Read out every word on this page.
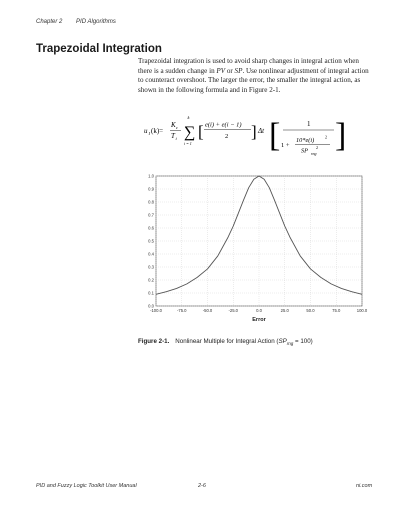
Chapter 2 PID Algorithms
Trapezoidal Integration
Trapezoidal integration is used to avoid sharp changes in integral action when there is a sudden change in PV or SP. Use nonlinear adjustment of integral action to counteract overshoot. The larger the error, the smaller the integral action, as shown in the following formula and in Figure 2-1.
u I (k)=
K c
T i
k
∑
i = 1
[ e(i) + e(i − 1)
2 ] Δt [	1
1 +
10*e(i)	2
SP rng
2 ]
0.0
0.1
0.2
0.3
0.4
0.5
0.6
0.7
0.8
0.9
1.0
-100.0	-75.0	-50.0	-25.0	0.0	25.0	50.0	75.0	100.0
Error
Figure 2-1. Nonlinear Multiple for Integral Action $(SP_{rng} = 100)$
PID and Fuzzy Logic Toolkit User Manual	2-6	ni.com
